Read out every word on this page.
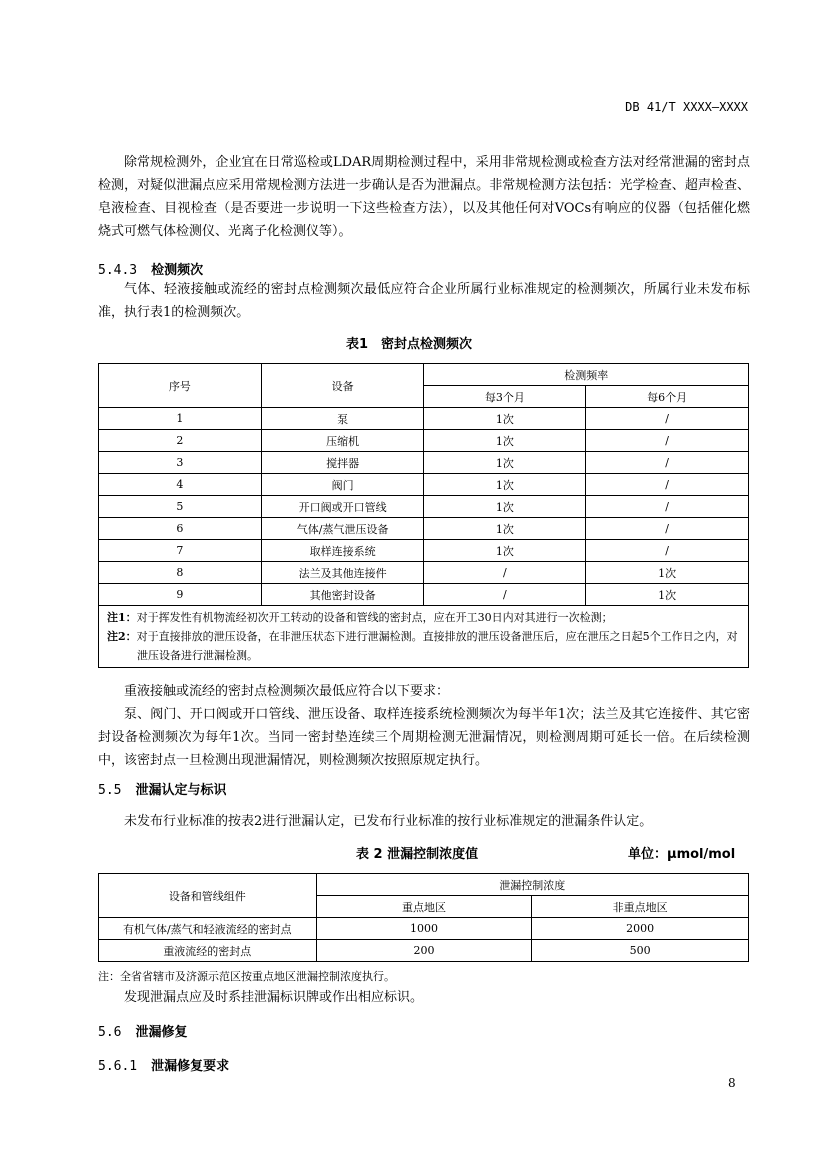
DB 41/T XXXX—XXXX

除常规检测外，企业宜在日常巡检或LDAR周期检测过程中，采用非常规检测或检查方法对经常泄漏的密封点检测，对疑似泄漏点应采用常规检测方法进一步确认是否为泄漏点。非常规检测方法包括：光学检查、超声检查、皂液检查、目视检查（是否要进一步说明一下这些检查方法），以及其他任何对VOCs有响应的仪器（包括催化燃烧式可燃气体检测仪、光离子化检测仪等）。

5.4.3 检测频次

气体、轻液接触或流经的密封点检测频次最低应符合企业所属行业标准规定的检测频次，所属行业未发布标准，执行表1的检测频次。

表1　密封点检测频次
序号	设备	检测频率	
		每3个月	每6个月
1	泵	1次	/
2	压缩机	1次	/
3	搅拌器	1次	/
4	阀门	1次	/
5	开口阀或开口管线	1次	/
6	气体/蒸气泄压设备	1次	/
7	取样连接系统	1次	/
8	法兰及其他连接件	/	1次
9	其他密封设备	/	1次

注1：对于挥发性有机物流经初次开工转动的设备和管线的密封点，应在开工30日内对其进行一次检测；
注2：对于直接排放的泄压设备，在非泄压状态下进行泄漏检测。直接排放的泄压设备泄压后，应在泄压之日起5个工作日之内，对泄压设备进行泄漏检测。			

重液接触或流经的密封点检测频次最低应符合以下要求：

泵、阀门、开口阀或开口管线、泄压设备、取样连接系统检测频次为每半年1次；法兰及其它连接件、其它密封设备检测频次为每年1次。当同一密封垫连续三个周期检测无泄漏情况，则检测周期可延长一倍。在后续检测中，该密封点一旦检测出现泄漏情况，则检测频次按照原规定执行。

5.5 泄漏认定与标识

未发布行业标准的按表2进行泄漏认定，已发布行业标准的按行业标准规定的泄漏条件认定。

表 2 泄漏控制浓度值	单位：μmol/mol
设备和管线组件	泄漏控制浓度	
	重点地区	非重点地区
有机气体/蒸气和轻液流经的密封点	1000	2000
重液流经的密封点	200	500
注：全省省辖市及济源示范区按重点地区泄漏控制浓度执行。

发现泄漏点应及时系挂泄漏标识牌或作出相应标识。

5.6 泄漏修复
5.6.1 泄漏修复要求
8
